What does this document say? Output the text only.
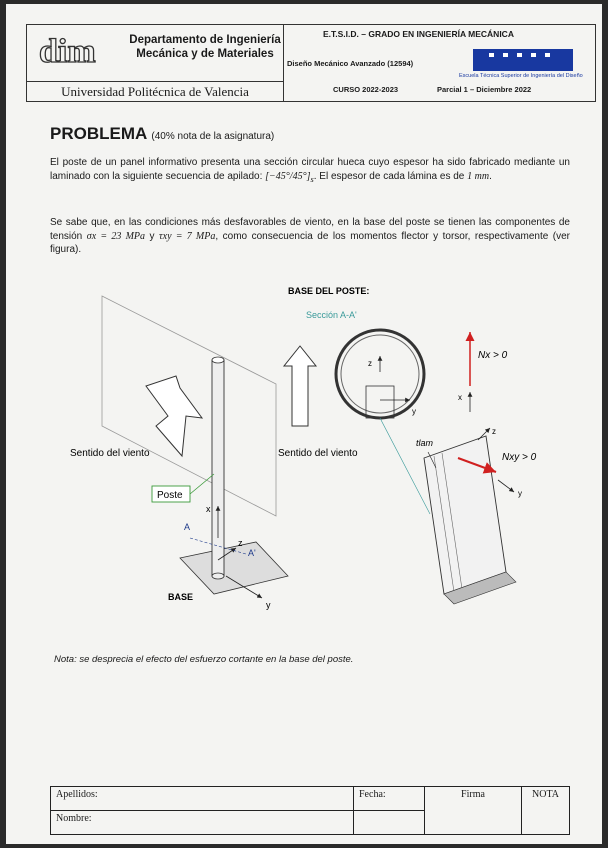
dim	Departamento de Ingeniería Mecánica y de Materiales
Universidad Politécnica de Valencia
E.T.S.I.D. – GRADO EN INGENIERÍA MECÁNICA
Diseño Mecánico Avanzado (12594)
Escuela Técnica Superior de Ingeniería del Diseño
CURSO 2022-2023	Parcial 1 – Diciembre 2022
PROBLEMA (40% nota de la asignatura)
El poste de un panel informativo presenta una sección circular hueca cuyo espesor ha sido fabricado mediante un laminado con la siguiente secuencia de apilado: $[-45^\circ/45^\circ]_s$. El espesor de cada lámina es de 1 mm.
Se sabe que, en las condiciones más desfavorables de viento, en la base del poste se tienen las componentes de tensión σx = 23 MPa y τxy = 7 MPa, como consecuencia de los momentos flector y torsor, respectivamente (ver figura).
Sentido del viento
Poste
x
z
y
A
A'
BASE
BASE DEL POSTE:
Sección A-A'
z
y
Sentido del viento
Nx > 0
Nxy > 0
x
z
y
tlam
Nota: se desprecia el efecto del esfuerzo cortante en la base del poste.
Apellidos:	Fecha:	Firma	NOTA
Nombre:			
